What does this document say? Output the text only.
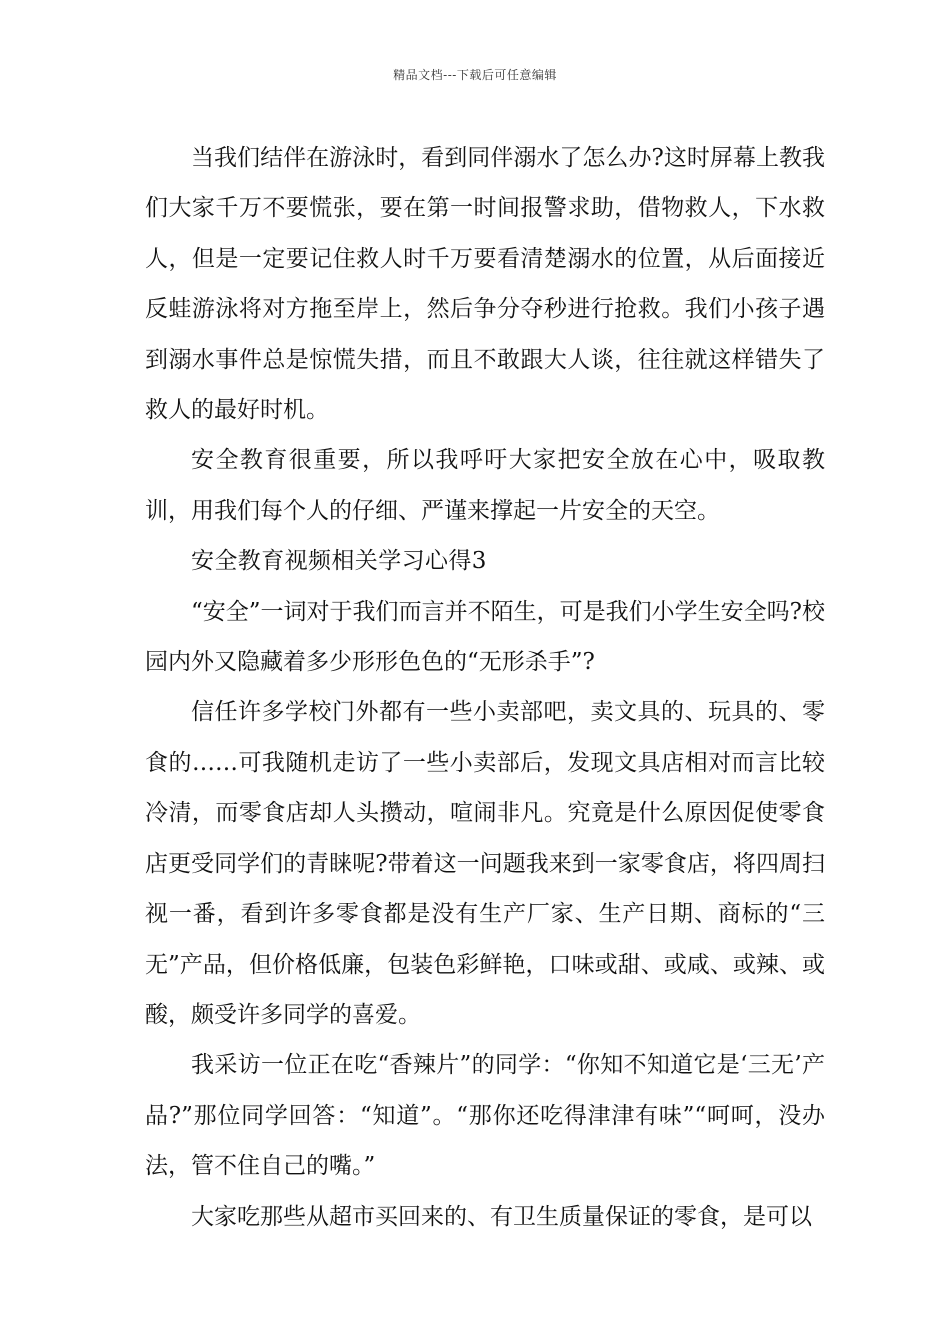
精品文档---下载后可任意编辑

当我们结伴在游泳时，看到同伴溺水了怎么办?这时屏幕上教我们大家千万不要慌张，要在第一时间报警求助，借物救人，下水救人，但是一定要记住救人时千万要看清楚溺水的位置，从后面接近反蛙游泳将对方拖至岸上，然后争分夺秒进行抢救。我们小孩子遇到溺水事件总是惊慌失措，而且不敢跟大人谈，往往就这样错失了救人的最好时机。

安全教育很重要，所以我呼吁大家把安全放在心中，吸取教训，用我们每个人的仔细、严谨来撑起一片安全的天空。

安全教育视频相关学习心得3

“安全”一词对于我们而言并不陌生，可是我们小学生安全吗?校园内外又隐藏着多少形形色色的“无形杀手”?

信任许多学校门外都有一些小卖部吧，卖文具的、玩具的、零食的……可我随机走访了一些小卖部后，发现文具店相对而言比较冷清，而零食店却人头攒动，喧闹非凡。究竟是什么原因促使零食店更受同学们的青睐呢?带着这一问题我来到一家零食店，将四周扫视一番，看到许多零食都是没有生产厂家、生产日期、商标的“三无”产品，但价格低廉，包装色彩鲜艳，口味或甜、或咸、或辣、或酸，颇受许多同学的喜爱。

我采访一位正在吃“香辣片”的同学：“你知不知道它是‘三无’产品?”那位同学回答：“知道”。“那你还吃得津津有味”“呵呵，没办法，管不住自己的嘴。”

大家吃那些从超市买回来的、有卫生质量保证的零食，是可以
